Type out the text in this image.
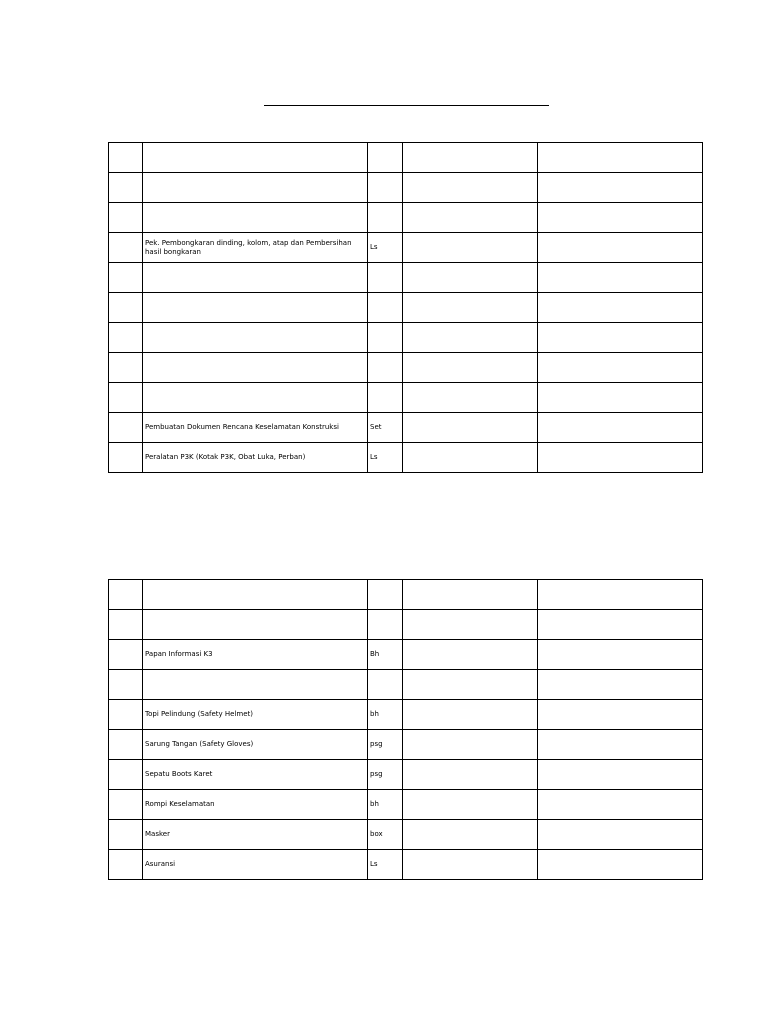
	Pek. Pembongkaran dinding, kolom, atap dan Pembersihan hasil bongkaran	Ls		

	Pembuatan Dokumen Rencana Keselamatan Konstruksi	Set		
	Peralatan P3K (Kotak P3K, Obat Luka, Perban)	Ls		

	Papan Informasi K3	Bh		

	Topi Pelindung (Safety Helmet)	bh		
	Sarung Tangan (Safety Gloves)	psg		
	Sepatu Boots Karet	psg		
	Rompi Keselamatan	bh		
	Masker	box		
	Asuransi	Ls		
